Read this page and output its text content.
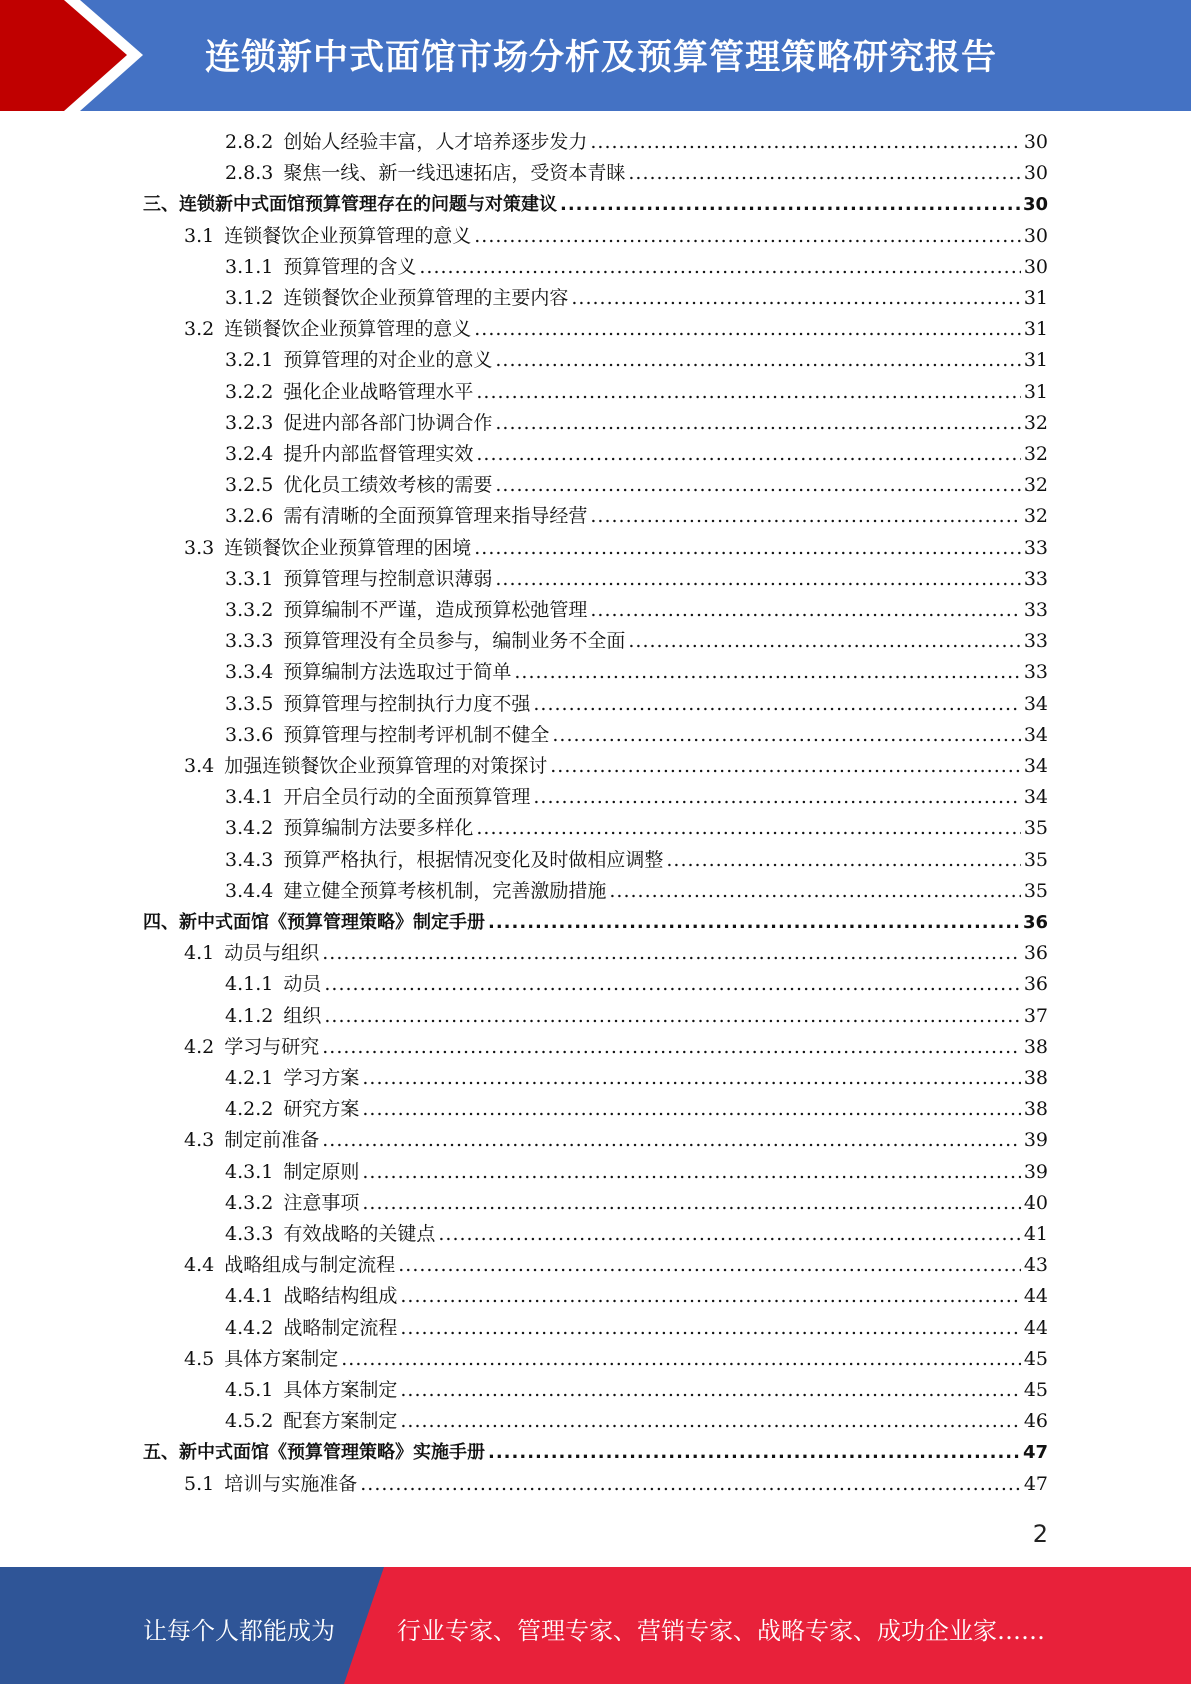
连锁新中式面馆市场分析及预算管理策略研究报告
2.8.2 创始人经验丰富，人才培养逐步发力 .....	30
2.8.3 聚焦一线、新一线迅速拓店，受资本青睐 .....	30
三、连锁新中式面馆预算管理存在的问题与对策建议 .....	30
3.1 连锁餐饮企业预算管理的意义 .....	30
3.1.1 预算管理的含义 .....	30
3.1.2 连锁餐饮企业预算管理的主要内容 .....	31
3.2 连锁餐饮企业预算管理的意义 .....	31
3.2.1 预算管理的对企业的意义 .....	31
3.2.2 强化企业战略管理水平 .....	31
3.2.3 促进内部各部门协调合作 .....	32
3.2.4 提升内部监督管理实效 .....	32
3.2.5 优化员工绩效考核的需要 .....	32
3.2.6 需有清晰的全面预算管理来指导经营 .....	32
3.3 连锁餐饮企业预算管理的困境 .....	33
3.3.1 预算管理与控制意识薄弱 .....	33
3.3.2 预算编制不严谨，造成预算松弛管理 .....	33
3.3.3 预算管理没有全员参与，编制业务不全面 .....	33
3.3.4 预算编制方法选取过于简单 .....	33
3.3.5 预算管理与控制执行力度不强 .....	34
3.3.6 预算管理与控制考评机制不健全 .....	34
3.4 加强连锁餐饮企业预算管理的对策探讨 .....	34
3.4.1 开启全员行动的全面预算管理 .....	34
3.4.2 预算编制方法要多样化 .....	35
3.4.3 预算严格执行，根据情况变化及时做相应调整 .....	35
3.4.4 建立健全预算考核机制，完善激励措施 .....	35
四、新中式面馆《预算管理策略》制定手册 .....	36
4.1 动员与组织 .....	36
4.1.1 动员 .....	36
4.1.2 组织 .....	37
4.2 学习与研究 .....	38
4.2.1 学习方案 .....	38
4.2.2 研究方案 .....	38
4.3 制定前准备 .....	39
4.3.1 制定原则 .....	39
4.3.2 注意事项 .....	40
4.3.3 有效战略的关键点 .....	41
4.4 战略组成与制定流程 .....	43
4.4.1 战略结构组成 .....	44
4.4.2 战略制定流程 .....	44
4.5 具体方案制定 .....	45
4.5.1 具体方案制定 .....	45
4.5.2 配套方案制定 .....	46
五、新中式面馆《预算管理策略》实施手册 .....	47
5.1 培训与实施准备 .....	47
2
让每个人都能成为	行业专家、管理专家、营销专家、战略专家、成功企业家……
